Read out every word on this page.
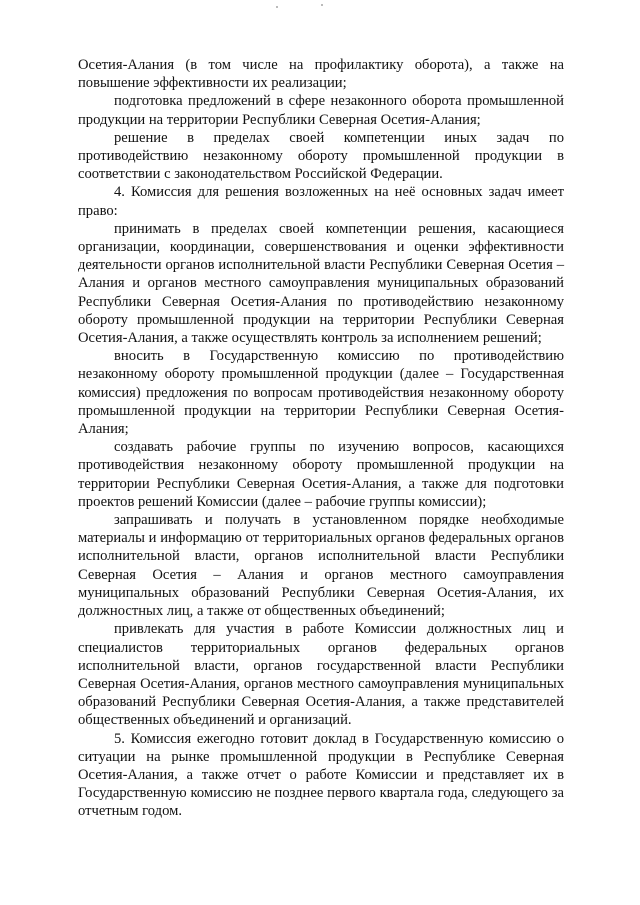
Осетия-Алания (в том числе на профилактику оборота), а также на повышение эффективности их реализации;

подготовка предложений в сфере незаконного оборота промышленной продукции на территории Республики Северная Осетия-Алания;

решение в пределах своей компетенции иных задач по противодействию незаконному обороту промышленной продукции в соответствии с законодательством Российской Федерации.

4. Комиссия для решения возложенных на неё основных задач имеет право:

принимать в пределах своей компетенции решения, касающиеся организации, координации, совершенствования и оценки эффективности деятельности органов исполнительной власти Республики Северная Осетия – Алания и органов местного самоуправления муниципальных образований Республики Северная Осетия-Алания по противодействию незаконному обороту промышленной продукции на территории Республики Северная Осетия-Алания, а также осуществлять контроль за исполнением решений;

вносить в Государственную комиссию по противодействию незаконному обороту промышленной продукции (далее – Государственная комиссия) предложения по вопросам противодействия незаконному обороту промышленной продукции на территории Республики Северная Осетия-Алания;

создавать рабочие группы по изучению вопросов, касающихся противодействия незаконному обороту промышленной продукции на территории Республики Северная Осетия-Алания, а также для подготовки проектов решений Комиссии (далее – рабочие группы комиссии);

запрашивать и получать в установленном порядке необходимые материалы и информацию от территориальных органов федеральных органов исполнительной власти, органов исполнительной власти Республики Северная Осетия – Алания и органов местного самоуправления муниципальных образований Республики Северная Осетия-Алания, их должностных лиц, а также от общественных объединений;

привлекать для участия в работе Комиссии должностных лиц и специалистов территориальных органов федеральных органов исполнительной власти, органов государственной власти Республики Северная Осетия-Алания, органов местного самоуправления муниципальных образований Республики Северная Осетия-Алания, а также представителей общественных объединений и организаций.

5. Комиссия ежегодно готовит доклад в Государственную комиссию о ситуации на рынке промышленной продукции в Республике Северная Осетия-Алания, а также отчет о работе Комиссии и представляет их в Государственную комиссию не позднее первого квартала года, следующего за отчетным годом.
